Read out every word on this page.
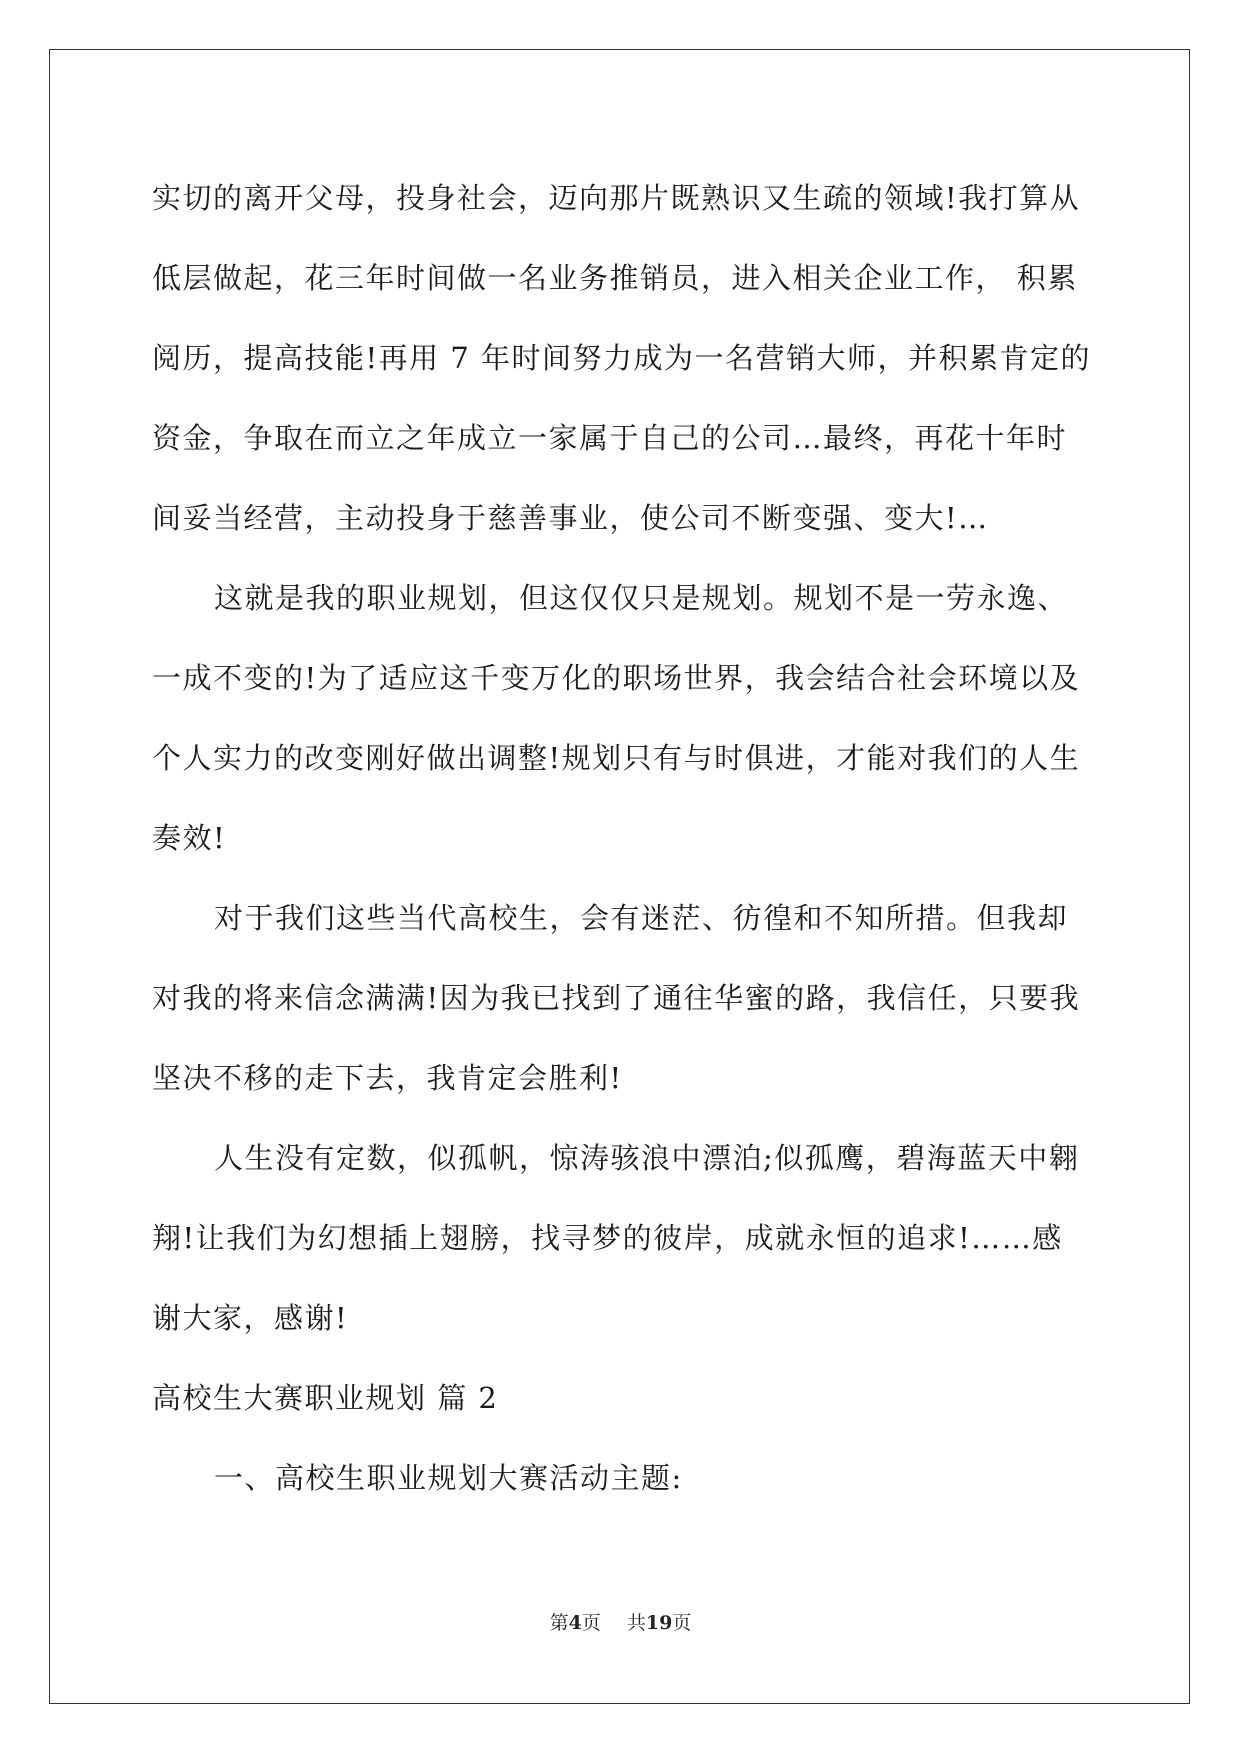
实切的离开父母，投身社会，迈向那片既熟识又生疏的领域!我打算从
低层做起，花三年时间做一名业务推销员，进入相关企业工作， 积累
阅历，提高技能!再用 7 年时间努力成为一名营销大师，并积累肯定的
资金，争取在而立之年成立一家属于自己的公司…最终，再花十年时
间妥当经营，主动投身于慈善事业，使公司不断变强、变大!…
这就是我的职业规划，但这仅仅只是规划。规划不是一劳永逸、
一成不变的!为了适应这千变万化的职场世界，我会结合社会环境以及
个人实力的改变刚好做出调整!规划只有与时俱进，才能对我们的人生
奏效!
对于我们这些当代高校生，会有迷茫、彷徨和不知所措。但我却
对我的将来信念满满!因为我已找到了通往华蜜的路，我信任，只要我
坚决不移的走下去，我肯定会胜利!
人生没有定数，似孤帆，惊涛骇浪中漂泊;似孤鹰，碧海蓝天中翱
翔!让我们为幻想插上翅膀，找寻梦的彼岸，成就永恒的追求!……感
谢大家，感谢!
高校生大赛职业规划 篇 2
一、高校生职业规划大赛活动主题:
第4页 共19页
